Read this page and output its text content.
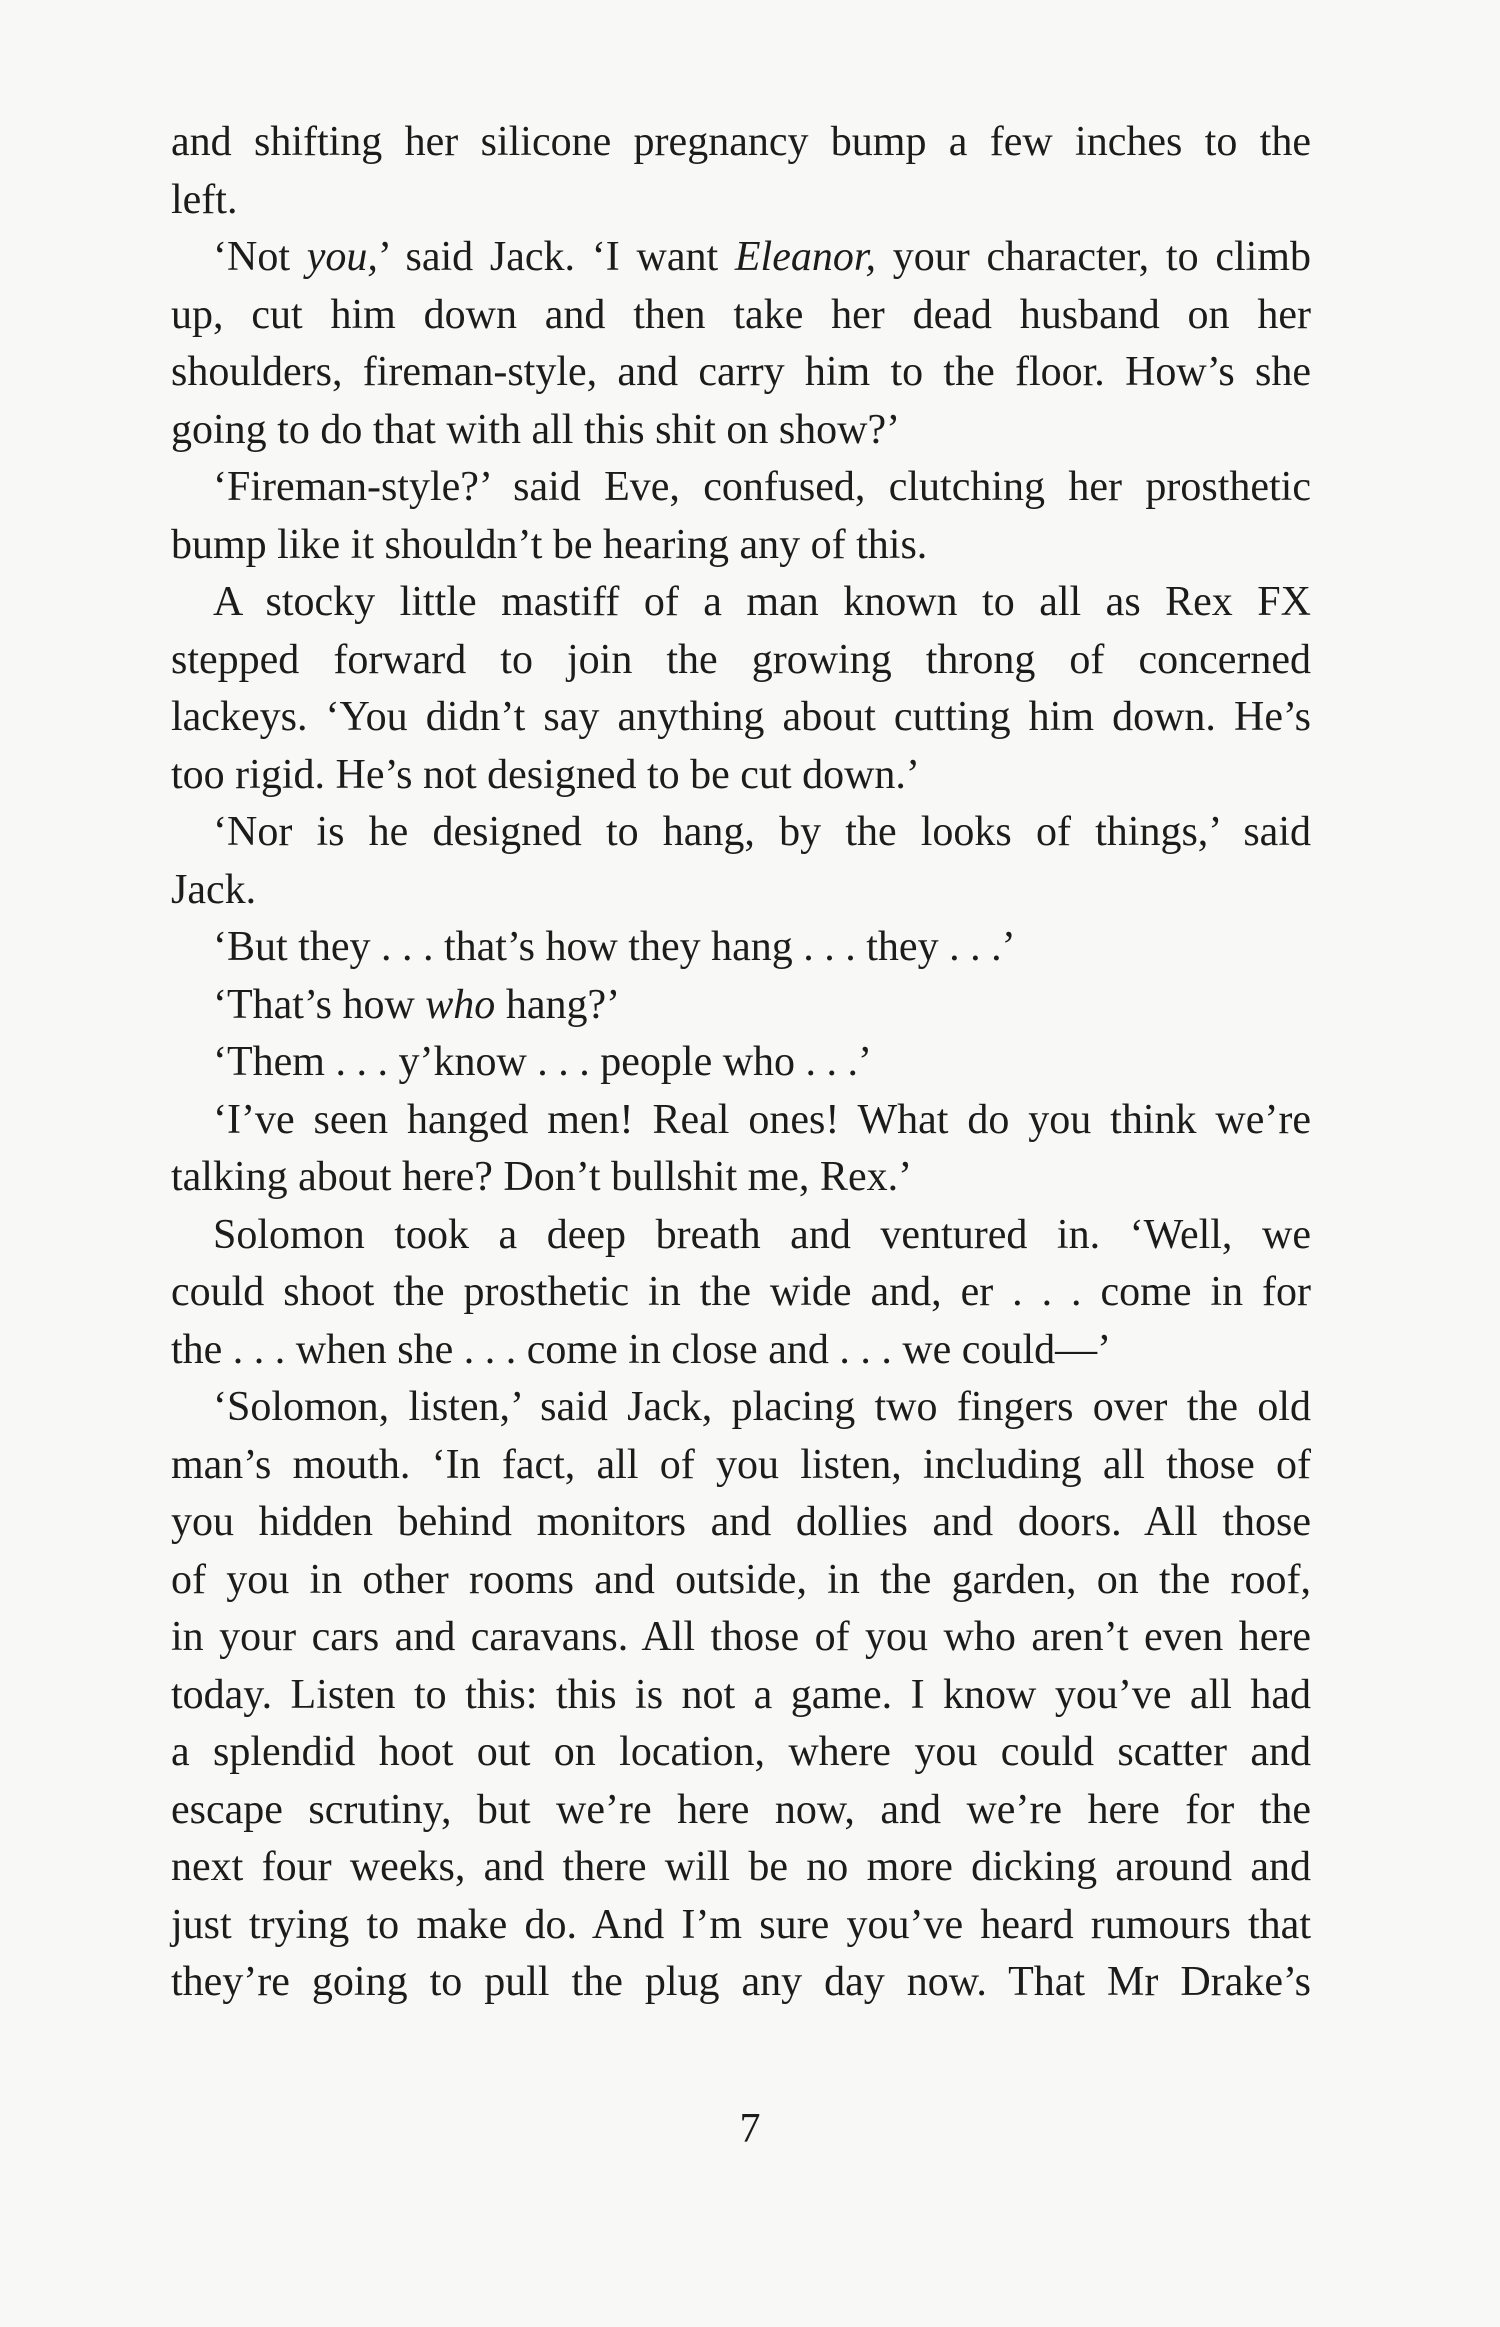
and shifting her silicone pregnancy bump a few inches to the
left.
‘Not you,’ said Jack. ‘I want Eleanor, your character, to climb
up, cut him down and then take her dead husband on her
shoulders, fireman-style, and carry him to the floor. How’s she
going to do that with all this shit on show?’
‘Fireman-style?’ said Eve, confused, clutching her prosthetic
bump like it shouldn’t be hearing any of this.
A stocky little mastiff of a man known to all as Rex FX
stepped forward to join the growing throng of concerned
lackeys. ‘You didn’t say anything about cutting him down. He’s
too rigid. He’s not designed to be cut down.’
‘Nor is he designed to hang, by the looks of things,’ said
Jack.
‘But they . . . that’s how they hang . . . they . . .’
‘That’s how who hang?’
‘Them . . . y’know . . . people who . . .’
‘I’ve seen hanged men! Real ones! What do you think we’re
talking about here? Don’t bullshit me, Rex.’
Solomon took a deep breath and ventured in. ‘Well, we
could shoot the prosthetic in the wide and, er . . . come in for
the . . . when she . . . come in close and . . . we could—’
‘Solomon, listen,’ said Jack, placing two fingers over the old
man’s mouth. ‘In fact, all of you listen, including all those of
you hidden behind monitors and dollies and doors. All those
of you in other rooms and outside, in the garden, on the roof,
in your cars and caravans. All those of you who aren’t even here
today. Listen to this: this is not a game. I know you’ve all had
a splendid hoot out on location, where you could scatter and
escape scrutiny, but we’re here now, and we’re here for the
next four weeks, and there will be no more dicking around and
just trying to make do. And I’m sure you’ve heard rumours that
they’re going to pull the plug any day now. That Mr Drake’s
7
